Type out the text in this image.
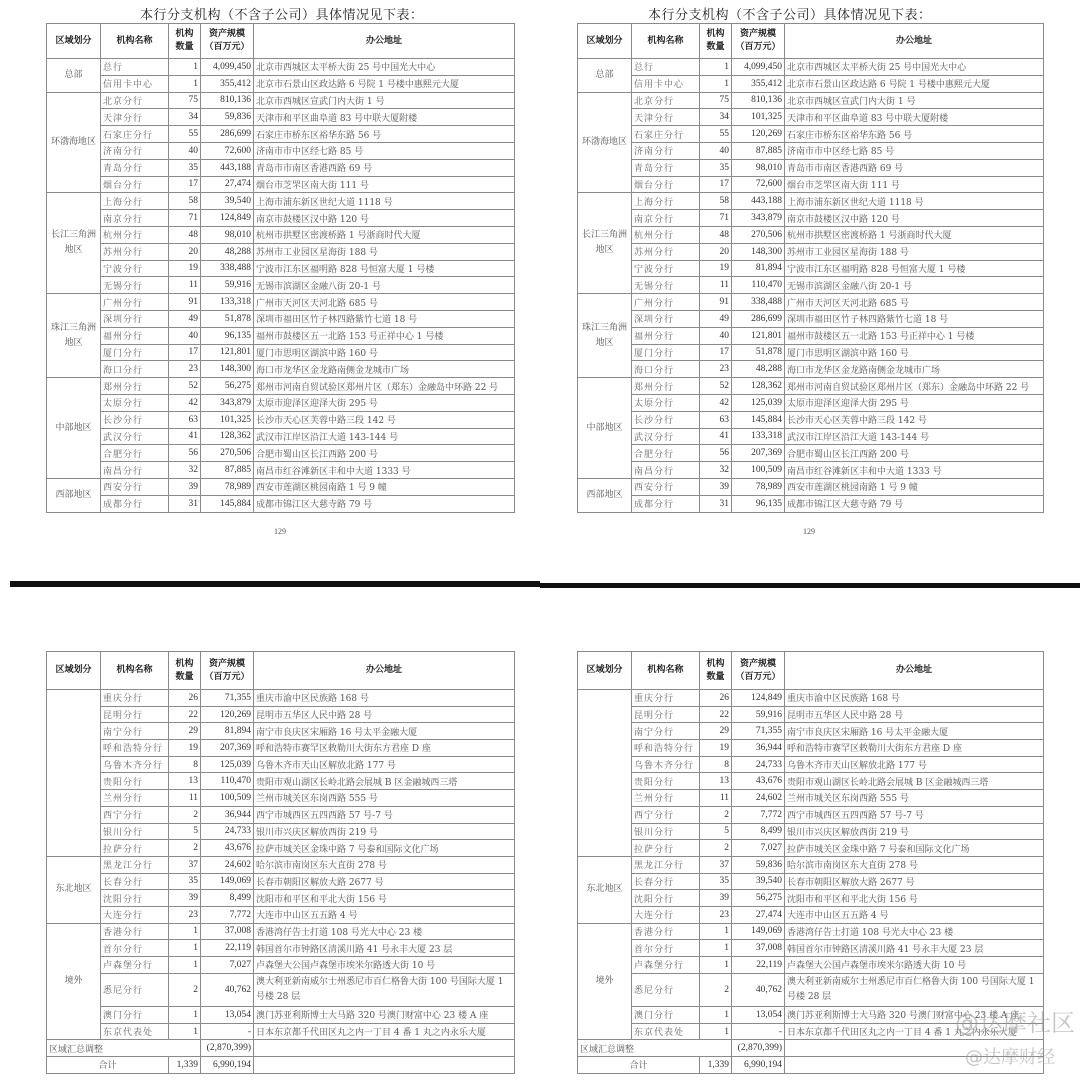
本行分支机构（不含子公司）具体情况见下表：
区域划分	机构名称	
机构
数量

资产规模
（百万元）
	办公地址
总部	总行	1	4,099,450	北京市西城区太平桥大街 25 号中国光大中心
信用卡中心	1	355,412	北京市石景山区政达路 6 号院 1 号楼中惠熙元大厦
环渤海地区	北京分行	75	810,136	北京市西城区宣武门内大街 1 号
天津分行	34	59,836	天津市和平区曲阜道 83 号中联大厦附楼
石家庄分行	55	286,699	石家庄市桥东区裕华东路 56 号
济南分行	40	72,600	济南市市中区经七路 85 号
青岛分行	35	443,188	青岛市市南区香港西路 69 号
烟台分行	17	27,474	烟台市芝罘区南大街 111 号
长江三角洲地区	上海分行	58	39,540	上海市浦东新区世纪大道 1118 号
南京分行	71	124,849	南京市鼓楼区汉中路 120 号
杭州分行	48	98,010	杭州市拱墅区密渡桥路 1 号浙商时代大厦
苏州分行	20	48,288	苏州市工业园区星海街 188 号
宁波分行	19	338,488	宁波市江东区福明路 828 号恒富大厦 1 号楼
无锡分行	11	59,916	无锡市滨湖区金融八街 20-1 号
珠江三角洲地区	广州分行	91	133,318	广州市天河区天河北路 685 号
深圳分行	49	51,878	深圳市福田区竹子林四路紫竹七道 18 号
福州分行	40	96,135	福州市鼓楼区五一北路 153 号正祥中心 1 号楼
厦门分行	17	121,801	厦门市思明区湖滨中路 160 号
海口分行	23	148,300	海口市龙华区金龙路南侧金龙城市广场
中部地区	郑州分行	52	56,275	郑州市河南自贸试验区郑州片区（郑东）金融岛中环路 22 号
太原分行	42	343,879	太原市迎泽区迎泽大街 295 号
长沙分行	63	101,325	长沙市天心区芙蓉中路三段 142 号
武汉分行	41	128,362	武汉市江岸区沿江大道 143-144 号
合肥分行	56	270,506	合肥市蜀山区长江西路 200 号
南昌分行	32	87,885	南昌市红谷滩新区丰和中大道 1333 号
西部地区	西安分行	39	78,989	西安市莲湖区桃园南路 1 号 9 幢
成都分行	31	145,884	成都市锦江区大慈寺路 79 号
129
本行分支机构（不含子公司）具体情况见下表：
区域划分	机构名称	
机构
数量

资产规模
（百万元）
	办公地址
总部	总行	1	4,099,450	北京市西城区太平桥大街 25 号中国光大中心
信用卡中心	1	355,412	北京市石景山区政达路 6 号院 1 号楼中惠熙元大厦
环渤海地区	北京分行	75	810,136	北京市西城区宣武门内大街 1 号
天津分行	34	101,325	天津市和平区曲阜道 83 号中联大厦附楼
石家庄分行	55	120,269	石家庄市桥东区裕华东路 56 号
济南分行	40	87,885	济南市市中区经七路 85 号
青岛分行	35	98,010	青岛市市南区香港西路 69 号
烟台分行	17	72,600	烟台市芝罘区南大街 111 号
长江三角洲地区	上海分行	58	443,188	上海市浦东新区世纪大道 1118 号
南京分行	71	343,879	南京市鼓楼区汉中路 120 号
杭州分行	48	270,506	杭州市拱墅区密渡桥路 1 号浙商时代大厦
苏州分行	20	148,300	苏州市工业园区星海街 188 号
宁波分行	19	81,894	宁波市江东区福明路 828 号恒富大厦 1 号楼
无锡分行	11	110,470	无锡市滨湖区金融八街 20-1 号
珠江三角洲地区	广州分行	91	338,488	广州市天河区天河北路 685 号
深圳分行	49	286,699	深圳市福田区竹子林四路紫竹七道 18 号
福州分行	40	121,801	福州市鼓楼区五一北路 153 号正祥中心 1 号楼
厦门分行	17	51,878	厦门市思明区湖滨中路 160 号
海口分行	23	48,288	海口市龙华区金龙路南侧金龙城市广场
中部地区	郑州分行	52	128,362	郑州市河南自贸试验区郑州片区（郑东）金融岛中环路 22 号
太原分行	42	125,039	太原市迎泽区迎泽大街 295 号
长沙分行	63	145,884	长沙市天心区芙蓉中路三段 142 号
武汉分行	41	133,318	武汉市江岸区沿江大道 143-144 号
合肥分行	56	207,369	合肥市蜀山区长江西路 200 号
南昌分行	32	100,509	南昌市红谷滩新区丰和中大道 1333 号
西部地区	西安分行	39	78,989	西安市莲湖区桃园南路 1 号 9 幢
成都分行	31	96,135	成都市锦江区大慈寺路 79 号
129
区域划分	机构名称	
机构
数量

资产规模
（百万元）
	办公地址
	重庆分行	26	71,355	重庆市渝中区民族路 168 号
昆明分行	22	120,269	昆明市五华区人民中路 28 号
南宁分行	29	81,894	南宁市良庆区宋厢路 16 号太平金融大厦
呼和浩特分行	19	207,369	呼和浩特市赛罕区敕勒川大街东方君座 D 座
乌鲁木齐分行	8	125,039	乌鲁木齐市天山区解放北路 177 号
贵阳分行	13	110,470	贵阳市观山湖区长岭北路会展城 B 区金融城西三塔
兰州分行	11	100,509	兰州市城关区东岗西路 555 号
西宁分行	2	36,944	西宁市城西区五四西路 57 号-7 号
银川分行	5	24,733	银川市兴庆区解放西街 219 号
拉萨分行	2	43,676	拉萨市城关区金珠中路 7 号泰和国际文化广场
东北地区	黑龙江分行	37	24,602	哈尔滨市南岗区东大直街 278 号
长春分行	35	149,069	长春市朝阳区解放大路 2677 号
沈阳分行	39	8,499	沈阳市和平区和平北大街 156 号
大连分行	23	7,772	大连市中山区五五路 4 号
境外	香港分行	1	37,008	香港湾仔告士打道 108 号光大中心 23 楼
首尔分行	1	22,119	韩国首尔市钟路区清溪川路 41 号永丰大厦 23 层
卢森堡分行	1	7,027	卢森堡大公国卢森堡市埃米尔路透大街 10 号
悉尼分行	2	40,762	澳大利亚新南威尔士州悉尼市百仁格鲁大街 100 号国际大厦 1 号楼 28 层
澳门分行	1	13,054	澳门苏亚利斯博士大马路 320 号澳门财富中心 23 楼 A 座
东京代表处	1	-	日本东京都千代田区丸之内一丁目 4 番 1 丸之内永乐大厦
区域汇总调整	(2,870,399)	
合计	1,339	6,990,194	
区域划分	机构名称	
机构
数量

资产规模
（百万元）
	办公地址
	重庆分行	26	124,849	重庆市渝中区民族路 168 号
昆明分行	22	59,916	昆明市五华区人民中路 28 号
南宁分行	29	71,355	南宁市良庆区宋厢路 16 号太平金融大厦
呼和浩特分行	19	36,944	呼和浩特市赛罕区敕勒川大街东方君座 D 座
乌鲁木齐分行	8	24,733	乌鲁木齐市天山区解放北路 177 号
贵阳分行	13	43,676	贵阳市观山湖区长岭北路会展城 B 区金融城西三塔
兰州分行	11	24,602	兰州市城关区东岗西路 555 号
西宁分行	2	7,772	西宁市城西区五四西路 57 号-7 号
银川分行	5	8,499	银川市兴庆区解放西街 219 号
拉萨分行	2	7,027	拉萨市城关区金珠中路 7 号泰和国际文化广场
东北地区	黑龙江分行	37	59,836	哈尔滨市南岗区东大直街 278 号
长春分行	35	39,540	长春市朝阳区解放大路 2677 号
沈阳分行	39	56,275	沈阳市和平区和平北大街 156 号
大连分行	23	27,474	大连市中山区五五路 4 号
境外	香港分行	1	149,069	香港湾仔告士打道 108 号光大中心 23 楼
首尔分行	1	37,008	韩国首尔市钟路区清溪川路 41 号永丰大厦 23 层
卢森堡分行	1	22,119	卢森堡大公国卢森堡市埃米尔路透大街 10 号
悉尼分行	2	40,762	澳大利亚新南威尔士州悉尼市百仁格鲁大街 100 号国际大厦 1 号楼 28 层
澳门分行	1	13,054	澳门苏亚利斯博士大马路 320 号澳门财富中心 23 楼 A 座
东京代表处	1	-	日本东京都千代田区丸之内一丁目 4 番 1 丸之内永乐大厦
区域汇总调整	(2,870,399)	
合计	1,339	6,990,194	
@达摩社区
@达摩财经
